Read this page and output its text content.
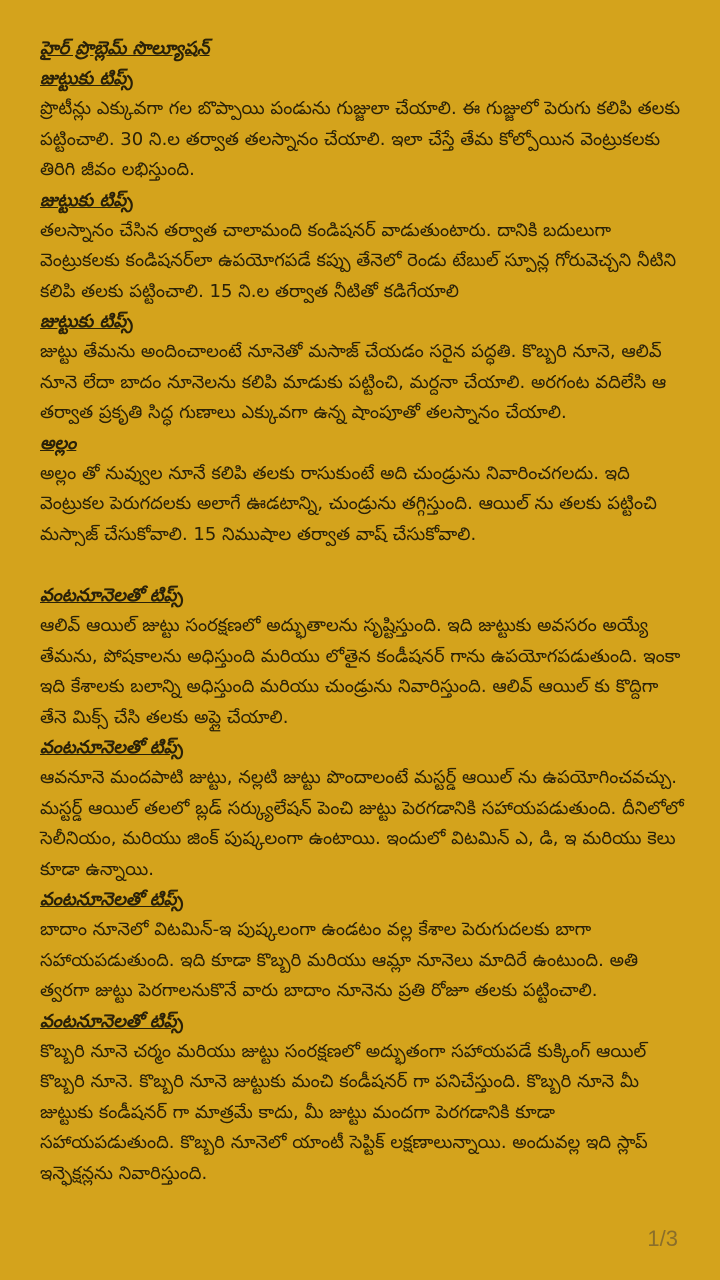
హైర్ ప్రొబ్లెమ్ సొల్యూషన్

జుట్టుకు టిప్స్

ప్రొటీన్లు ఎక్కువగా గల బొప్పాయి పండును గుజ్జులా చేయాలి. ఈ గుజ్జులో పెరుగు కలిపి తలకు పట్టించాలి. 30 ని.ల తర్వాత తలస్నానం చేయాలి. ఇలా చేస్తే తేమ కోల్పోయిన వెంట్రుకలకు తిరిగి జీవం లభిస్తుంది.

జుట్టుకు టిప్స్

తలస్నానం చేసిన తర్వాత చాలామంది కండిషనర్ వాడుతుంటారు. దానికి బదులుగా వెంట్రుకలకు కండిషనర్‌లా ఉపయోగపడే కప్పు తేనెలో రెండు టేబుల్ స్పూన్ల గోరువెచ్చని నీటిని కలిపి తలకు పట్టించాలి. 15 ని.ల తర్వాత నీటితో కడిగేయాలి

జుట్టుకు టిప్స్

జుట్టు తేమను అందించాలంటే నూనెతో మసాజ్ చేయడం సరైన పద్ధతి. కొబ్బరి నూనె, ఆలివ్ నూనె లేదా బాదం నూనెలను కలిపి మాడుకు పట్టించి, మర్దనా చేయాలి. అరగంట వదిలేసి ఆ తర్వాత ప్రకృతి సిద్ధ గుణాలు ఎక్కువగా ఉన్న షాంపూతో తలస్నానం చేయాలి.

అల్లం

అల్లం తో నువ్వుల నూనే కలిపి తలకు రాసుకుంటే అది చుండ్రును నివారించగలదు. ఇది వెంట్రుకల పెరుగదలకు అలాగే ఊడటాన్ని, చుండ్రును తగ్గిస్తుంది. ఆయిల్ ను తలకు పట్టించి మస్సాజ్ చేసుకోవాలి. 15 నిముషాల తర్వాత వాష్ చేసుకోవాలి.

వంటనూనెలతో టిప్స్

ఆలివ్ ఆయిల్ జుట్టు సంరక్షణలో అద్భుతాలను సృష్టిస్తుంది. ఇది జుట్టుకు అవసరం అయ్యే తేమను, పోషకాలను అధిస్తుంది మరియు లోతైన కండీషనర్ గాను ఉపయోగపడుతుంది. ఇంకా ఇది కేశాలకు బలాన్ని అధిస్తుంది మరియు చుండ్రును నివారిస్తుంది. ఆలివ్ ఆయిల్ కు కొద్దిగా తేనె మిక్స్ చేసి తలకు అప్లై చేయాలి.

వంటనూనెలతో టిప్స్

ఆవనూనె మందపాటి జుట్టు, నల్లటి జుట్టు పొందాలంటే మస్టర్డ్ ఆయిల్ ను ఉపయోగించవచ్చు. మస్టర్డ్ ఆయిల్ తలలో బ్లడ్ సర్క్యులేషన్ పెంచి జుట్టు పెరగడానికి సహాయపడుతుంది. దీనిలోలో సెలీనియం, మరియు జింక్ పుష్కలంగా ఉంటాయి. ఇందులో విటమిన్ ఎ, డి, ఇ మరియు కెలు కూడా ఉన్నాయి.

వంటనూనెలతో టిప్స్

బాదాం నూనెలో విటమిన్-ఇ పుష్కలంగా ఉండటం వల్ల కేశాల పెరుగుదలకు బాగా సహాయపడుతుంది. ఇది కూడా కొబ్బరి మరియు ఆమ్లా నూనెలు మాదిరే ఉంటుంది. అతి త్వరగా జుట్టు పెరగాలనుకొనే వారు బాదాం నూనెను ప్రతి రోజూ తలకు పట్టించాలి.

వంటనూనెలతో టిప్స్

కొబ్బరి నూనె చర్మం మరియు జుట్టు సంరక్షణలో అద్భుతంగా సహాయపడే కుక్కింగ్ ఆయిల్ కొబ్బరి నూనె. కొబ్బరి నూనె జుట్టుకు మంచి కండీషనర్ గా పనిచేస్తుంది. కొబ్బరి నూనె మీ జుట్టుకు కండీషనర్ గా మాత్రమే కాదు, మీ జుట్టు మందగా పెరగడానికి కూడా సహాయపడుతుంది. కొబ్బరి నూనెలో యాంటీ సెప్టిక్ లక్షణాలున్నాయి. అందువల్ల ఇది స్లాప్ ఇన్ఫెక్షన్లను నివారిస్తుంది.

1/3
